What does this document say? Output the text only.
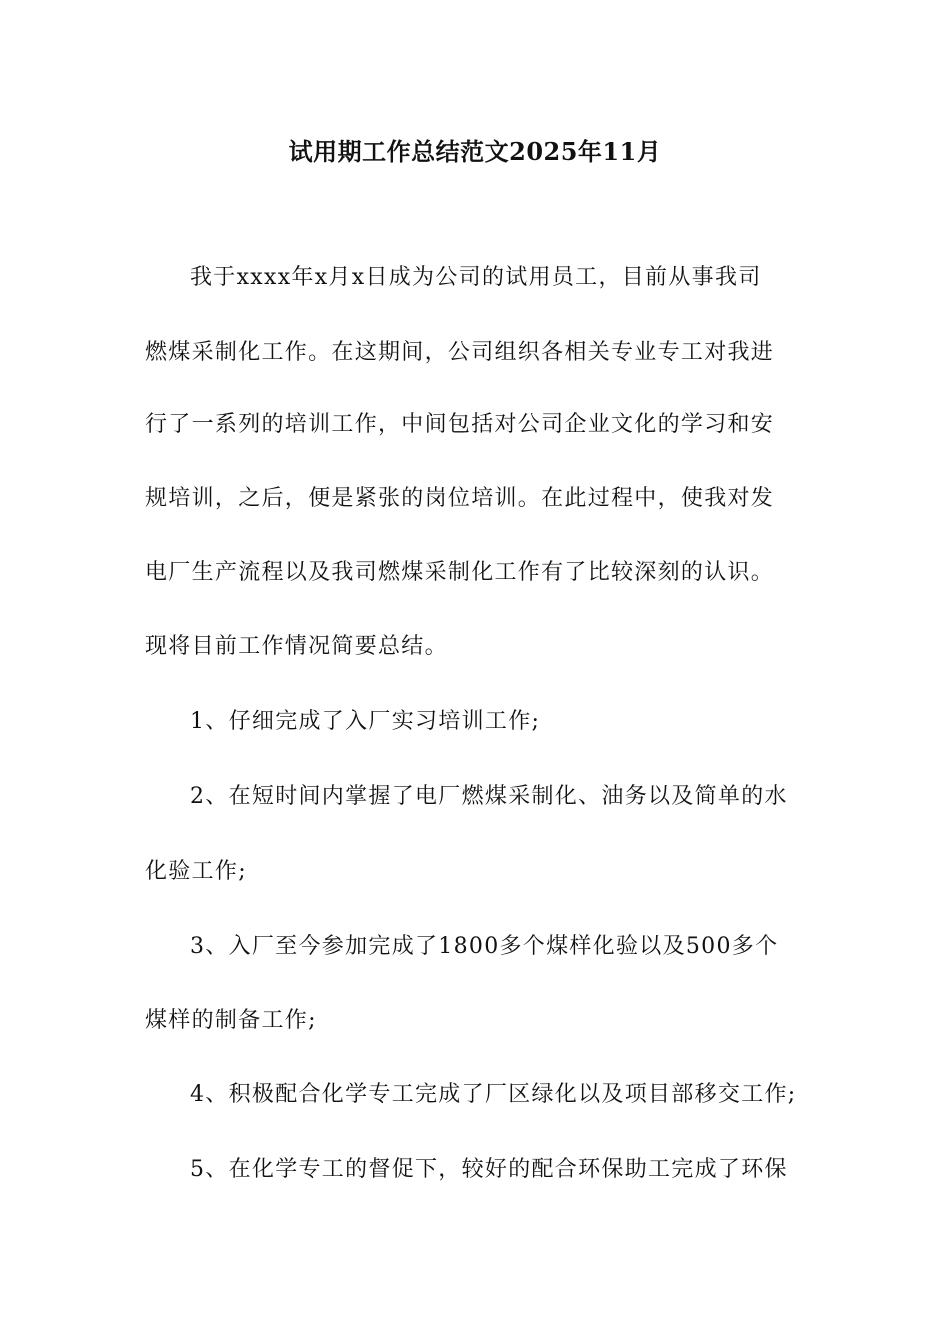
试用期工作总结范文2025年11月
我于xxxx年x月x日成为公司的试用员工，目前从事我司
燃煤采制化工作。在这期间，公司组织各相关专业专工对我进
行了一系列的培训工作，中间包括对公司企业文化的学习和安
规培训，之后，便是紧张的岗位培训。在此过程中，使我对发
电厂生产流程以及我司燃煤采制化工作有了比较深刻的认识。
现将目前工作情况简要总结。
1、仔细完成了入厂实习培训工作;
2、在短时间内掌握了电厂燃煤采制化、油务以及简单的水
化验工作;
3、入厂至今参加完成了1800多个煤样化验以及500多个
煤样的制备工作;
4、积极配合化学专工完成了厂区绿化以及项目部移交工作;
5、在化学专工的督促下，较好的配合环保助工完成了环保
